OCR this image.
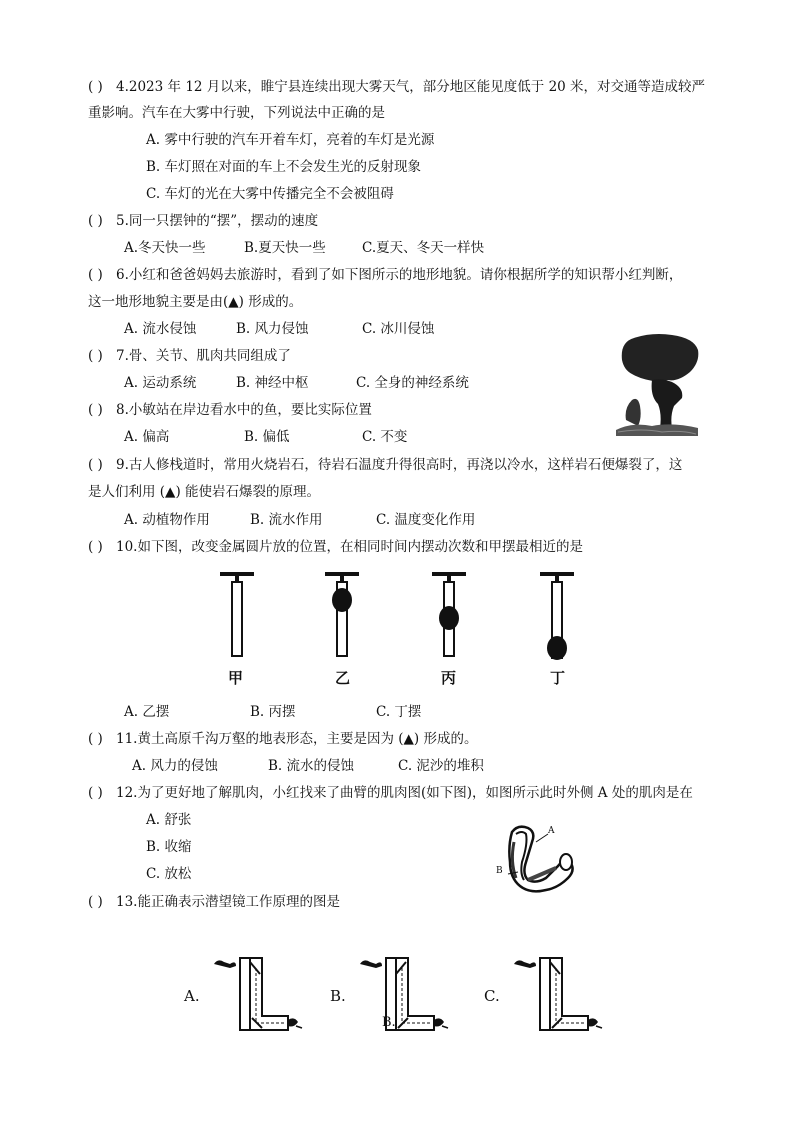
( ) 4.2023 年 12 月以来，睢宁县连续出现大雾天气，部分地区能见度低于 20 米，对交通等造成较严
重影响。汽车在大雾中行驶，下列说法中正确的是
A. 雾中行驶的汽车开着车灯，亮着的车灯是光源
B. 车灯照在对面的车上不会发生光的反射现象
C. 车灯的光在大雾中传播完全不会被阻碍
( ) 5.同一只摆钟的“摆”，摆动的速度
A.冬天快一些	B.夏天快一些	C.夏天、冬天一样快
( ) 6.小红和爸爸妈妈去旅游时，看到了如下图所示的地形地貌。请你根据所学的知识帮小红判断，
这一地形地貌主要是由(▲) 形成的。
A. 流水侵蚀	B. 风力侵蚀	C. 冰川侵蚀
( ) 7.骨、关节、肌肉共同组成了
A. 运动系统	B. 神经中枢	C. 全身的神经系统
( ) 8.小敏站在岸边看水中的鱼，要比实际位置
A. 偏高	B. 偏低	C. 不变
( ) 9.古人修栈道时，常用火烧岩石，待岩石温度升得很高时，再浇以冷水，这样岩石便爆裂了，这
是人们利用 (▲) 能使岩石爆裂的原理。
A. 动植物作用	B. 流水作用	C. 温度变化作用
( ) 10.如下图，改变金属圆片放的位置，在相同时间内摆动次数和甲摆最相近的是
甲	乙	丙	丁
A. 乙摆	B. 丙摆	C. 丁摆
( ) 11.黄土高原千沟万壑的地表形态，主要是因为 (▲) 形成的。
A. 风力的侵蚀	B. 流水的侵蚀	C. 泥沙的堆积
( ) 12.为了更好地了解肌肉，小红找来了曲臂的肌肉图(如下图)，如图所示此时外侧 A 处的肌肉是在
A. 舒张
B. 收缩
C. 放松
A
B
( ) 13.能正确表示潜望镜工作原理的图是
A.	B.
B.
C.
